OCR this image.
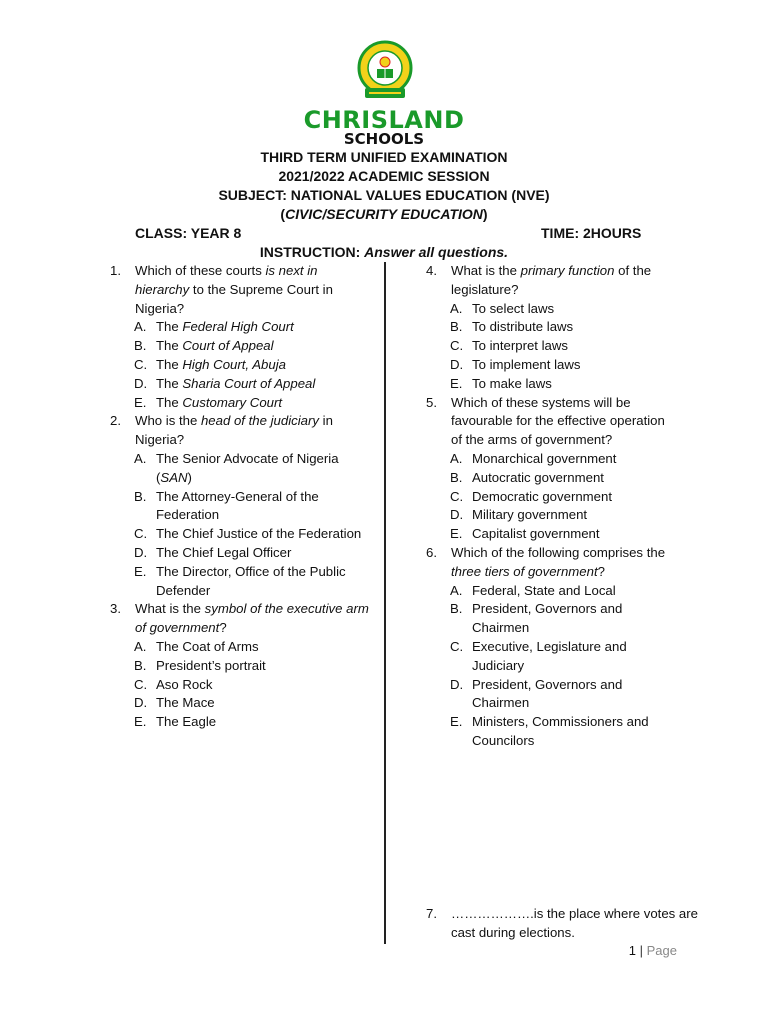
CHRISLAND
SCHOOLS
THIRD TERM UNIFIED EXAMINATION
2021/2022 ACADEMIC SESSION
SUBJECT: NATIONAL VALUES EDUCATION (NVE)
(CIVIC/SECURITY EDUCATION)
CLASS: YEAR 8	TIME: 2HOURS
INSTRUCTION: Answer all questions.
1.	Which of these courts is next in hierarchy to the Supreme Court in Nigeria?
A. The Federal High Court
B. The Court of Appeal
C. The High Court, Abuja
D. The Sharia Court of Appeal
E. The Customary Court
2.	Who is the head of the judiciary in Nigeria?
A. The Senior Advocate of Nigeria (SAN)
B. The Attorney-General of the Federation
C. The Chief Justice of the Federation
D. The Chief Legal Officer
E. The Director, Office of the Public Defender
3.	What is the symbol of the executive arm of government?
A. The Coat of Arms
B. President’s portrait
C. Aso Rock
D. The Mace
E. The Eagle
4.	What is the primary function of the legislature?
A. To select laws
B. To distribute laws
C. To interpret laws
D. To implement laws
E. To make laws
5.	Which of these systems will be favourable for the effective operation of the arms of government?
A. Monarchical government
B. Autocratic government
C. Democratic government
D. Military government
E. Capitalist government
6.	Which of the following comprises the three tiers of government?
A. Federal, State and Local
B. President, Governors and Chairmen
C. Executive, Legislature and Judiciary
D. President, Governors and Chairmen
E. Ministers, Commissioners and Councilors
7.	……………….is the place where votes are cast during elections.
1 | Page
